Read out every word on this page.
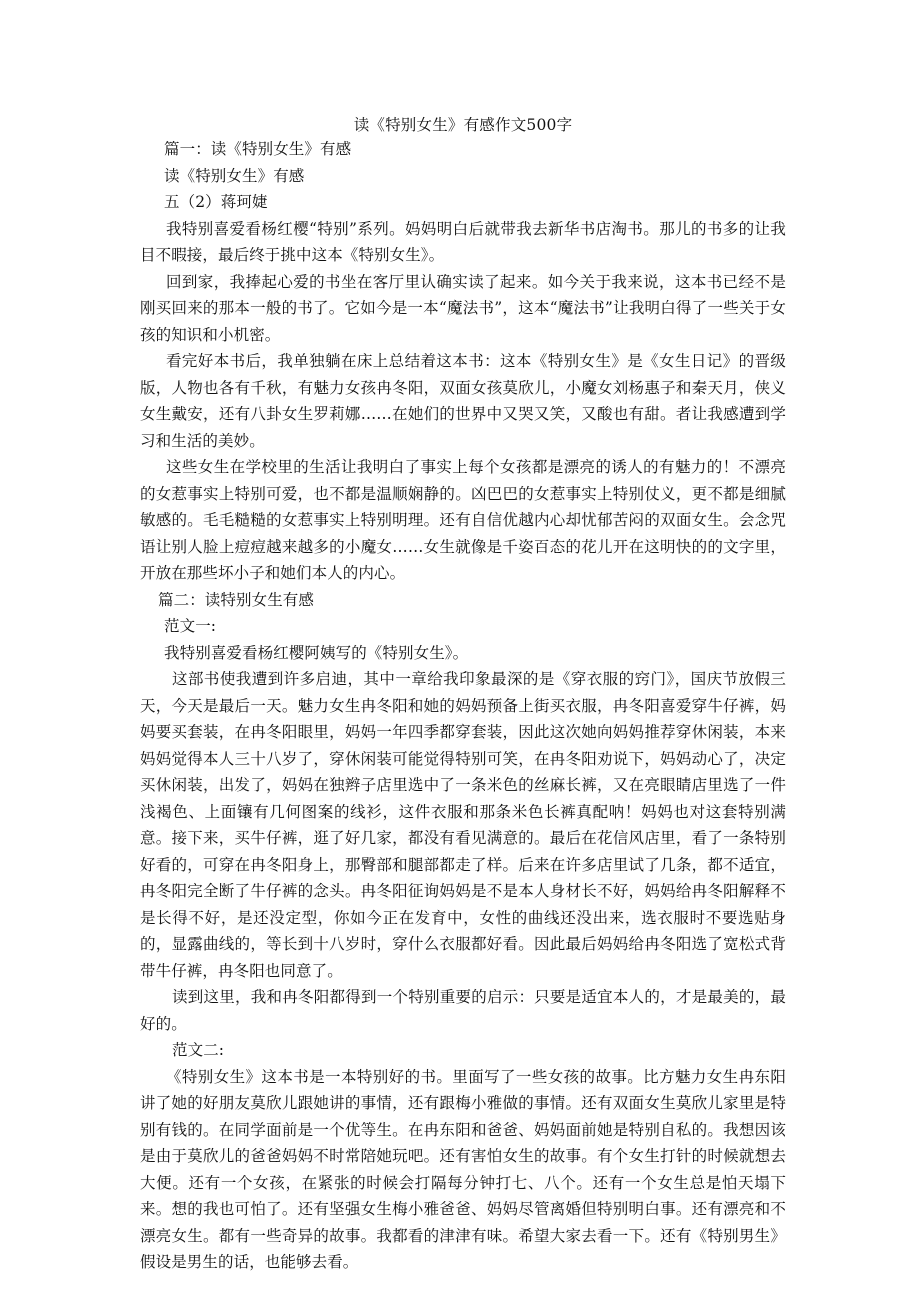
读《特别女生》有感作文500字

篇一：读《特别女生》有感

读《特别女生》有感

五（2）蒋珂婕

我特别喜爱看杨红樱“特别”系列。妈妈明白后就带我去新华书店淘书。那儿的书多的让我目不暇接，最后终于挑中这本《特别女生》。

回到家，我捧起心爱的书坐在客厅里认确实读了起来。如今关于我来说，这本书已经不是刚买回来的那本一般的书了。它如今是一本“魔法书”，这本“魔法书”让我明白得了一些关于女孩的知识和小机密。

看完好本书后，我单独躺在床上总结着这本书：这本《特别女生》是《女生日记》的晋级版，人物也各有千秋，有魅力女孩冉冬阳，双面女孩莫欣儿，小魔女刘杨惠子和秦天月，侠义女生戴安，还有八卦女生罗莉娜……在她们的世界中又哭又笑，又酸也有甜。者让我感遭到学习和生活的美妙。

这些女生在学校里的生活让我明白了事实上每个女孩都是漂亮的诱人的有魅力的！不漂亮的女惹事实上特别可爱，也不都是温顺娴静的。凶巴巴的女惹事实上特别仗义，更不都是细腻敏感的。毛毛糙糙的女惹事实上特别明理。还有自信优越内心却忧郁苦闷的双面女生。会念咒语让别人脸上痘痘越来越多的小魔女……女生就像是千姿百态的花儿开在这明快的的文字里，开放在那些坏小子和她们本人的内心。

篇二：读特别女生有感

范文一:

我特别喜爱看杨红樱阿姨写的《特别女生》。

这部书使我遭到许多启迪，其中一章给我印象最深的是《穿衣服的窍门》，国庆节放假三天，今天是最后一天。魅力女生冉冬阳和她的妈妈预备上街买衣服，冉冬阳喜爱穿牛仔裤，妈妈要买套装，在冉冬阳眼里，妈妈一年四季都穿套装，因此这次她向妈妈推荐穿休闲装，本来妈妈觉得本人三十八岁了，穿休闲装可能觉得特别可笑，在冉冬阳劝说下，妈妈动心了，决定买休闲装，出发了，妈妈在独辫子店里选中了一条米色的丝麻长裤，又在亮眼睛店里选了一件浅褐色、上面镶有几何图案的线衫，这件衣服和那条米色长裤真配呐！妈妈也对这套特别满意。接下来，买牛仔裤，逛了好几家，都没有看见满意的。最后在花信风店里，看了一条特别好看的，可穿在冉冬阳身上，那臀部和腿部都走了样。后来在许多店里试了几条，都不适宜，冉冬阳完全断了牛仔裤的念头。冉冬阳征询妈妈是不是本人身材长不好，妈妈给冉冬阳解释不是长得不好，是还没定型，你如今正在发育中，女性的曲线还没出来，选衣服时不要选贴身的，显露曲线的，等长到十八岁时，穿什么衣服都好看。因此最后妈妈给冉冬阳选了宽松式背带牛仔裤，冉冬阳也同意了。

读到这里，我和冉冬阳都得到一个特别重要的启示：只要是适宜本人的，才是最美的，最好的。

范文二:

《特别女生》这本书是一本特别好的书。里面写了一些女孩的故事。比方魅力女生冉东阳讲了她的好朋友莫欣儿跟她讲的事情，还有跟梅小雅做的事情。还有双面女生莫欣儿家里是特别有钱的。在同学面前是一个优等生。在冉东阳和爸爸、妈妈面前她是特别自私的。我想因该是由于莫欣儿的爸爸妈妈不时常陪她玩吧。还有害怕女生的故事。有个女生打针的时候就想去大便。还有一个女孩，在紧张的时候会打隔每分钟打七、八个。还有一个女生总是怕天塌下来。想的我也可怕了。还有坚强女生梅小雅爸爸、妈妈尽管离婚但特别明白事。还有漂亮和不漂亮女生。都有一些奇异的故事。我都看的津津有味。希望大家去看一下。还有《特别男生》假设是男生的话，也能够去看。
